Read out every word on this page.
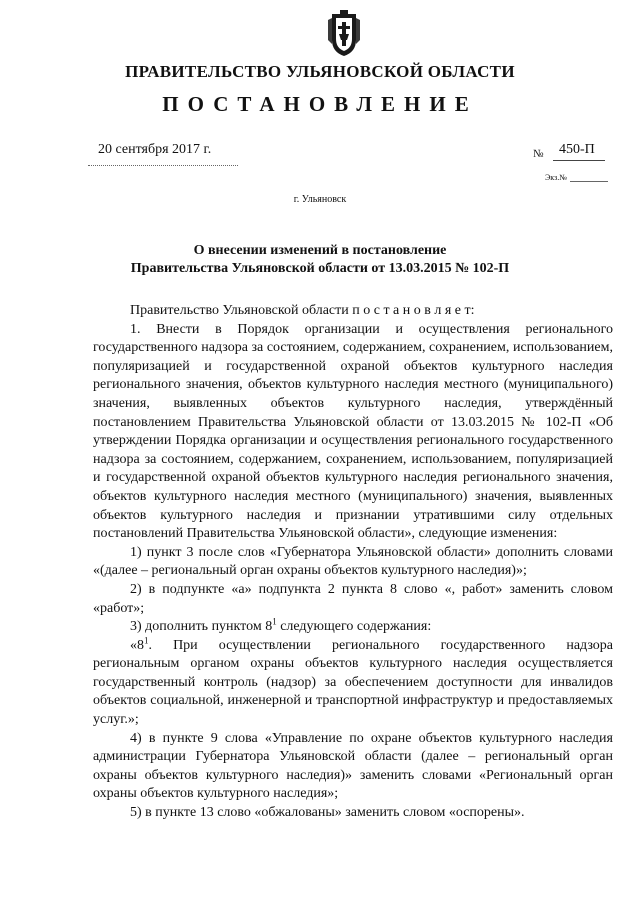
ПРАВИТЕЛЬСТВО УЛЬЯНОВСКОЙ ОБЛАСТИ
ПОСТАНОВЛЕНИЕ
20 сентября 2017 г.	№ 450-П
Экз.№
г. Ульяновск
О внесении изменений в постановление
Правительства Ульяновской области от 13.03.2015 № 102-П
Правительство Ульяновской области п о с т а н о в л я е т:
1. Внести в Порядок организации и осуществления регионального государственного надзора за состоянием, содержанием, сохранением, использованием, популяризацией и государственной охраной объектов культурного наследия регионального значения, объектов культурного наследия местного (муниципального) значения, выявленных объектов культурного наследия, утверждённый постановлением Правительства Ульяновской области от 13.03.2015 № 102-П «Об утверждении Порядка организации и осуществления регионального государственного надзора за состоянием, содержанием, сохранением, использованием, популяризацией и государственной охраной объектов культурного наследия регионального значения, объектов культурного наследия местного (муниципального) значения, выявленных объектов культурного наследия и признании утратившими силу отдельных постановлений Правительства Ульяновской области», следующие изменения:
1) пункт 3 после слов «Губернатора Ульяновской области» дополнить словами «(далее – региональный орган охраны объектов культурного наследия)»;
2) в подпункте «а» подпункта 2 пункта 8 слово «, работ» заменить словом «работ»;
3) дополнить пунктом $8^1$ следующего содержания:
«$8^1$. При осуществлении регионального государственного надзора региональным органом охраны объектов культурного наследия осуществляется государственный контроль (надзор) за обеспечением доступности для инвалидов объектов социальной, инженерной и транспортной инфраструктур и предоставляемых услуг.»;
4) в пункте 9 слова «Управление по охране объектов культурного наследия администрации Губернатора Ульяновской области (далее – региональный орган охраны объектов культурного наследия)» заменить словами «Региональный орган охраны объектов культурного наследия»;
5) в пункте 13 слово «обжалованы» заменить словом «оспорены».
